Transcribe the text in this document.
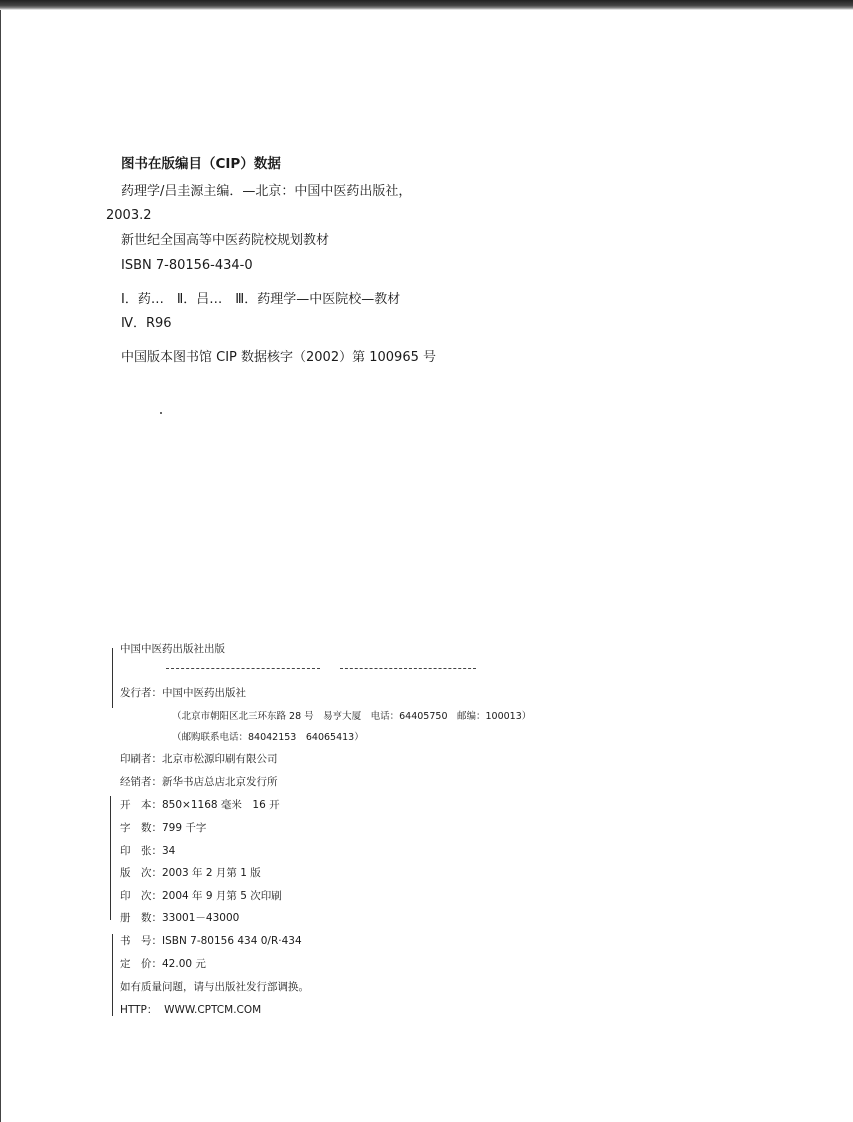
图书在版编目（CIP）数据
药理学/吕圭源主编．—北京：中国中医药出版社，
2003.2
新世纪全国高等中医药院校规划教材
ISBN 7-80156-434-0
Ⅰ．药…　Ⅱ．吕…　Ⅲ．药理学—中医院校—教材
Ⅳ．R96
中国版本图书馆 CIP 数据核字（2002）第 100965 号
中国中医药出版社出版
发行者：中国中医药出版社
（北京市朝阳区北三环东路 28 号　易亨大厦　电话：64405750　邮编：100013）
（邮购联系电话：84042153　64065413）
印刷者：北京市松源印刷有限公司
经销者：新华书店总店北京发行所
开　本：850×1168 毫米　16 开
字　数：799 千字
印　张：34
版　次：2003 年 2 月第 1 版
印　次：2004 年 9 月第 5 次印刷
册　数：33001－43000
书　号：ISBN 7-80156 434 0/R·434
定　价：42.00 元
如有质量问题，请与出版社发行部调换。
HTTP： WWW.CPTCM.COM
